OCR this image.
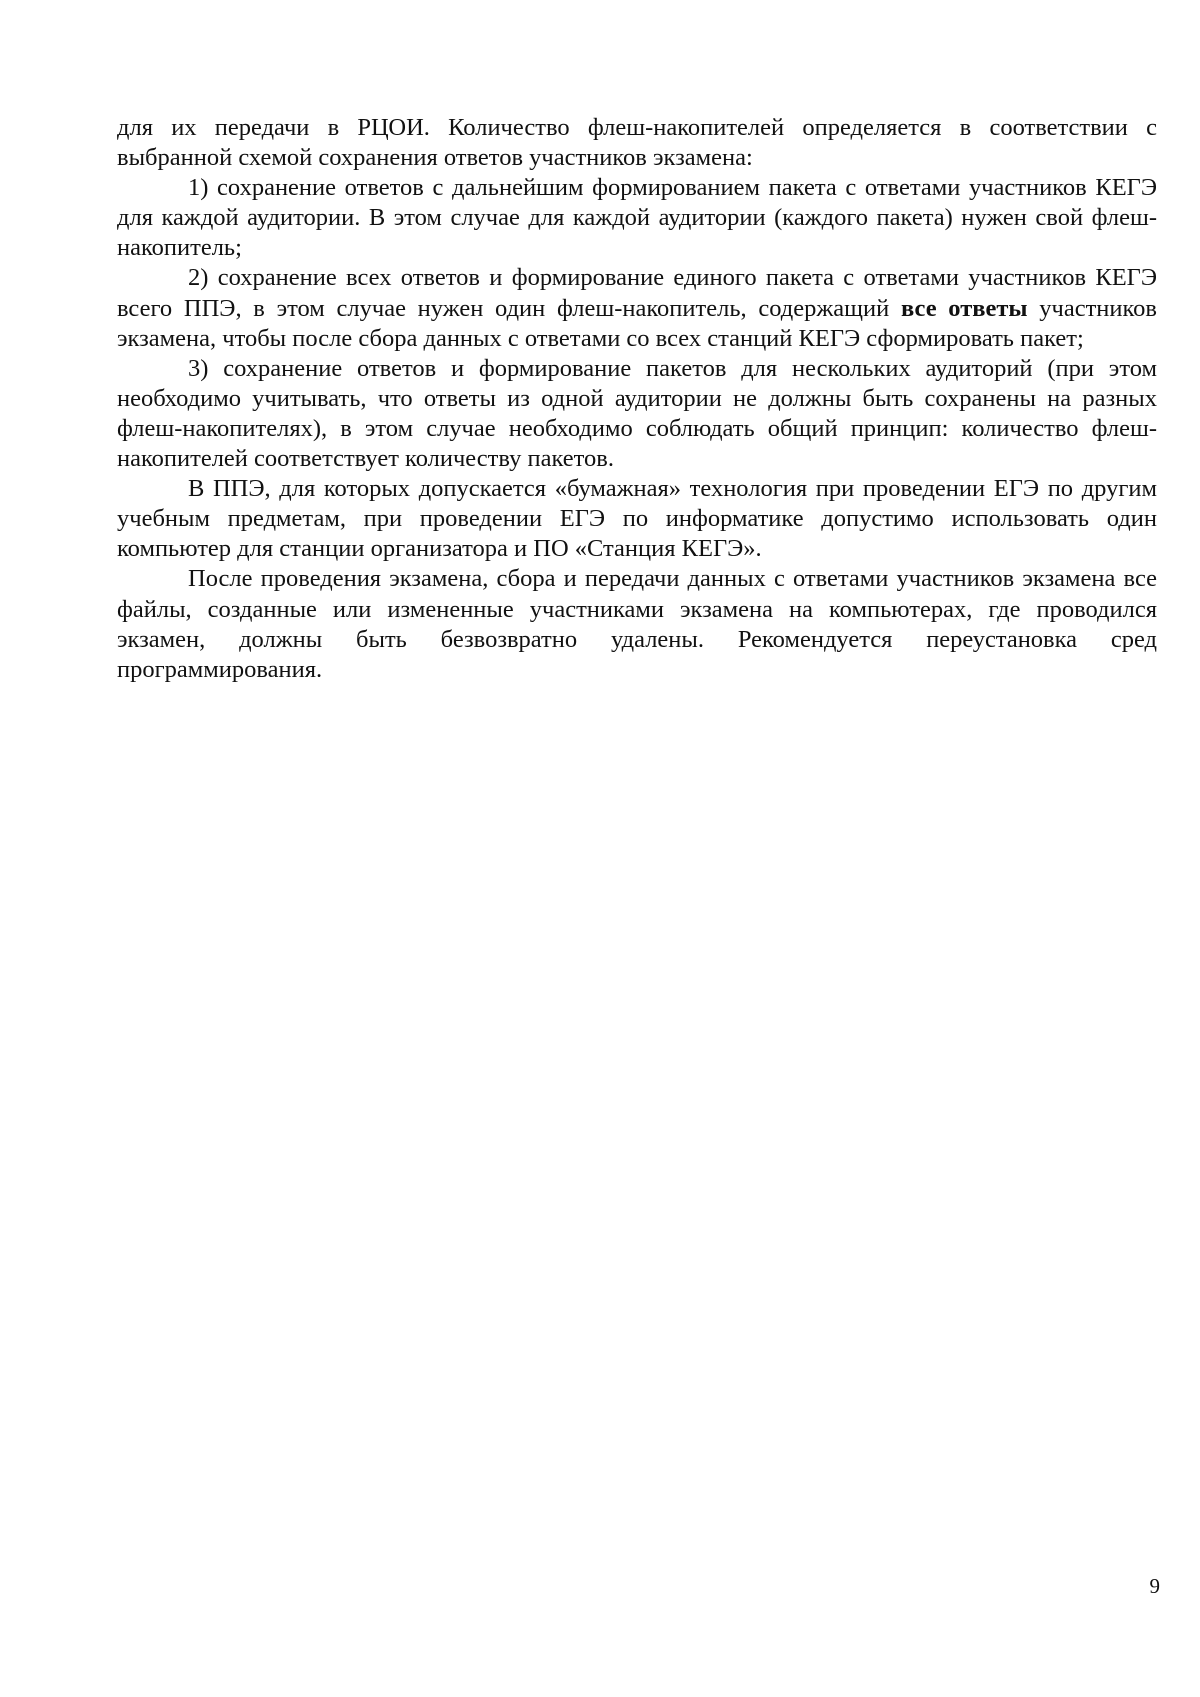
для их передачи в РЦОИ. Количество флеш-накопителей определяется в соответствии с выбранной схемой сохранения ответов участников экзамена:

1) сохранение ответов с дальнейшим формированием пакета с ответами участников КЕГЭ для каждой аудитории. В этом случае для каждой аудитории (каждого пакета) нужен свой флеш-накопитель;

2) сохранение всех ответов и формирование единого пакета с ответами участников КЕГЭ всего ППЭ, в этом случае нужен один флеш-накопитель, содержащий все ответы участников экзамена, чтобы после сбора данных с ответами со всех станций КЕГЭ сформировать пакет;

3) сохранение ответов и формирование пакетов для нескольких аудиторий (при этом необходимо учитывать, что ответы из одной аудитории не должны быть сохранены на разных флеш-накопителях), в этом случае необходимо соблюдать общий принцип: количество флеш-накопителей соответствует количеству пакетов.

В ППЭ, для которых допускается «бумажная» технология при проведении ЕГЭ по другим учебным предметам, при проведении ЕГЭ по информатике допустимо использовать один компьютер для станции организатора и ПО «Станция КЕГЭ».

После проведения экзамена, сбора и передачи данных с ответами участников экзамена все файлы, созданные или измененные участниками экзамена на компьютерах, где проводился экзамен, должны быть безвозвратно удалены. Рекомендуется переустановка сред программирования.

9
